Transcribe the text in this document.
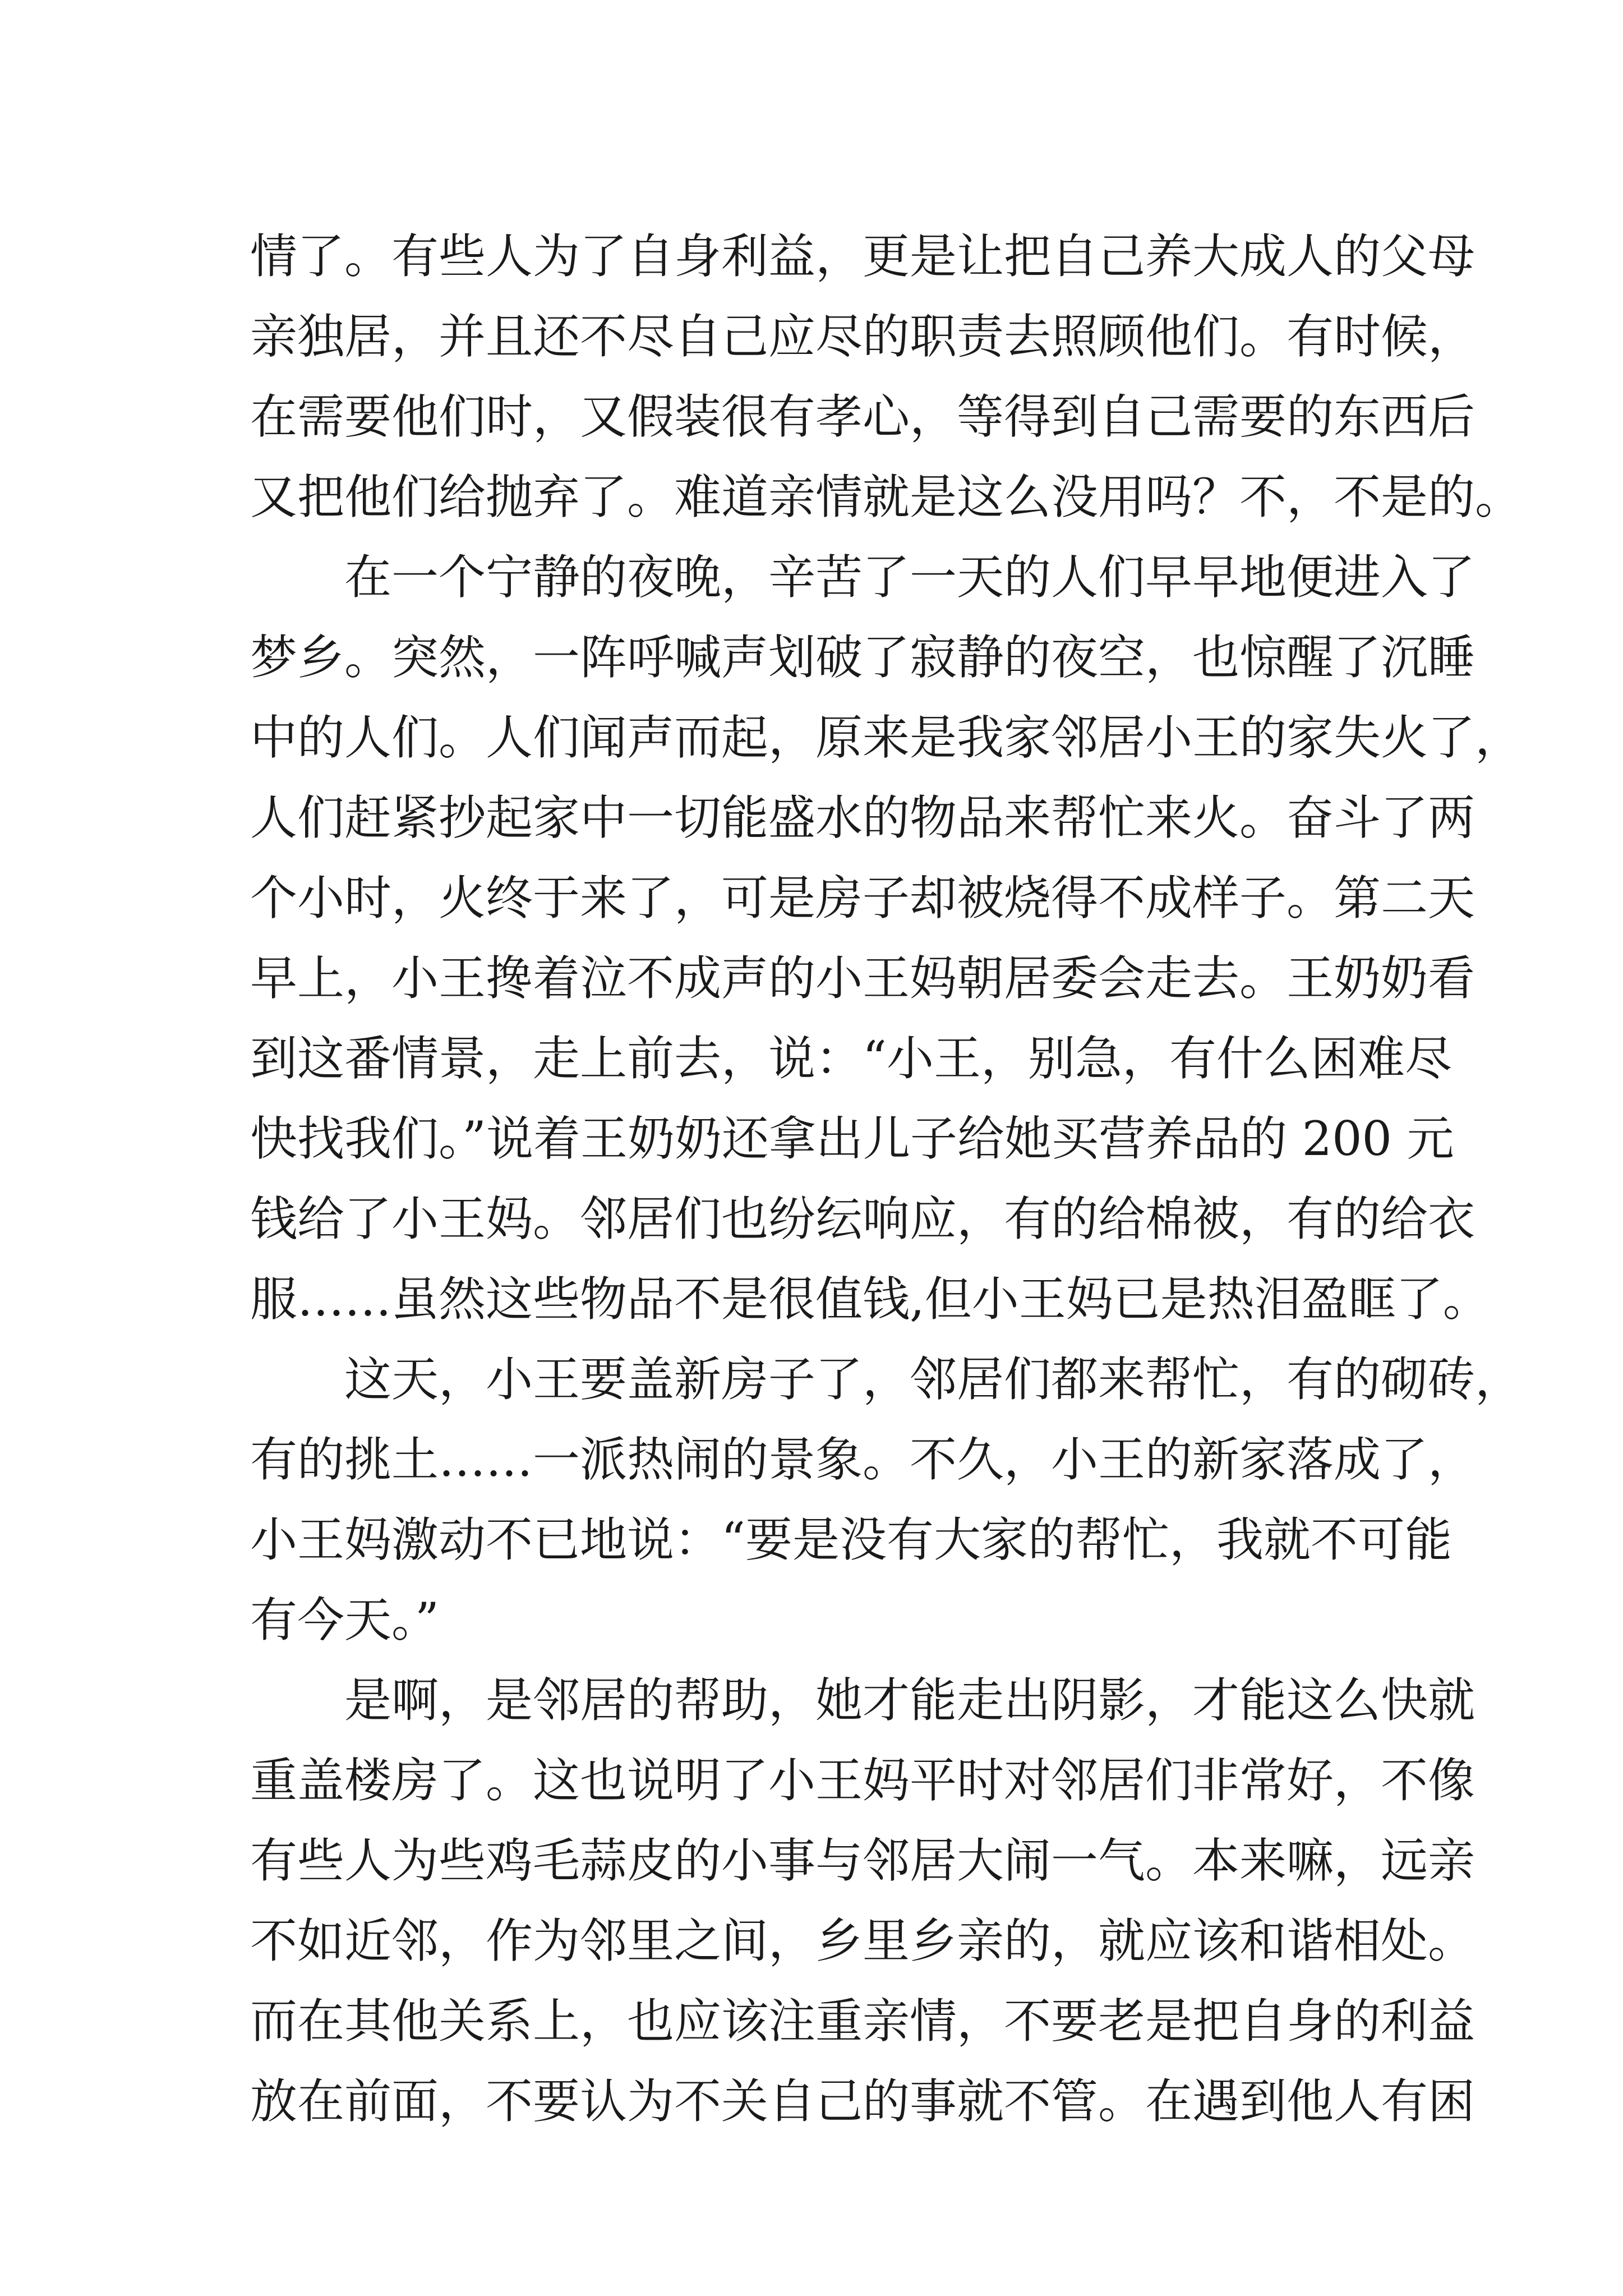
情了。有些人为了自身利益，更是让把自己养大成人的父母
亲独居，并且还不尽自己应尽的职责去照顾他们。有时候，
在需要他们时，又假装很有孝心，等得到自己需要的东西后
又把他们给抛弃了。难道亲情就是这么没用吗？不，不是的。
在一个宁静的夜晚，辛苦了一天的人们早早地便进入了
梦乡。突然，一阵呼喊声划破了寂静的夜空，也惊醒了沉睡
中的人们。人们闻声而起，原来是我家邻居小王的家失火了，
人们赶紧抄起家中一切能盛水的物品来帮忙来火。奋斗了两
个小时，火终于来了，可是房子却被烧得不成样子。第二天
早上，小王搀着泣不成声的小王妈朝居委会走去。王奶奶看
到这番情景，走上前去，说：“小王，别急，有什么困难尽
快找我们。”说着王奶奶还拿出儿子给她买营养品的 200 元
钱给了小王妈。邻居们也纷纭响应，有的给棉被，有的给衣
服……虽然这些物品不是很值钱,但小王妈已是热泪盈眶了。
这天，小王要盖新房子了，邻居们都来帮忙，有的砌砖，
有的挑土……一派热闹的景象。不久，小王的新家落成了，
小王妈激动不已地说：“要是没有大家的帮忙，我就不可能
有今天。”
是啊，是邻居的帮助，她才能走出阴影，才能这么快就
重盖楼房了。这也说明了小王妈平时对邻居们非常好，不像
有些人为些鸡毛蒜皮的小事与邻居大闹一气。本来嘛，远亲
不如近邻，作为邻里之间，乡里乡亲的，就应该和谐相处。
而在其他关系上，也应该注重亲情，不要老是把自身的利益
放在前面，不要认为不关自己的事就不管。在遇到他人有困
